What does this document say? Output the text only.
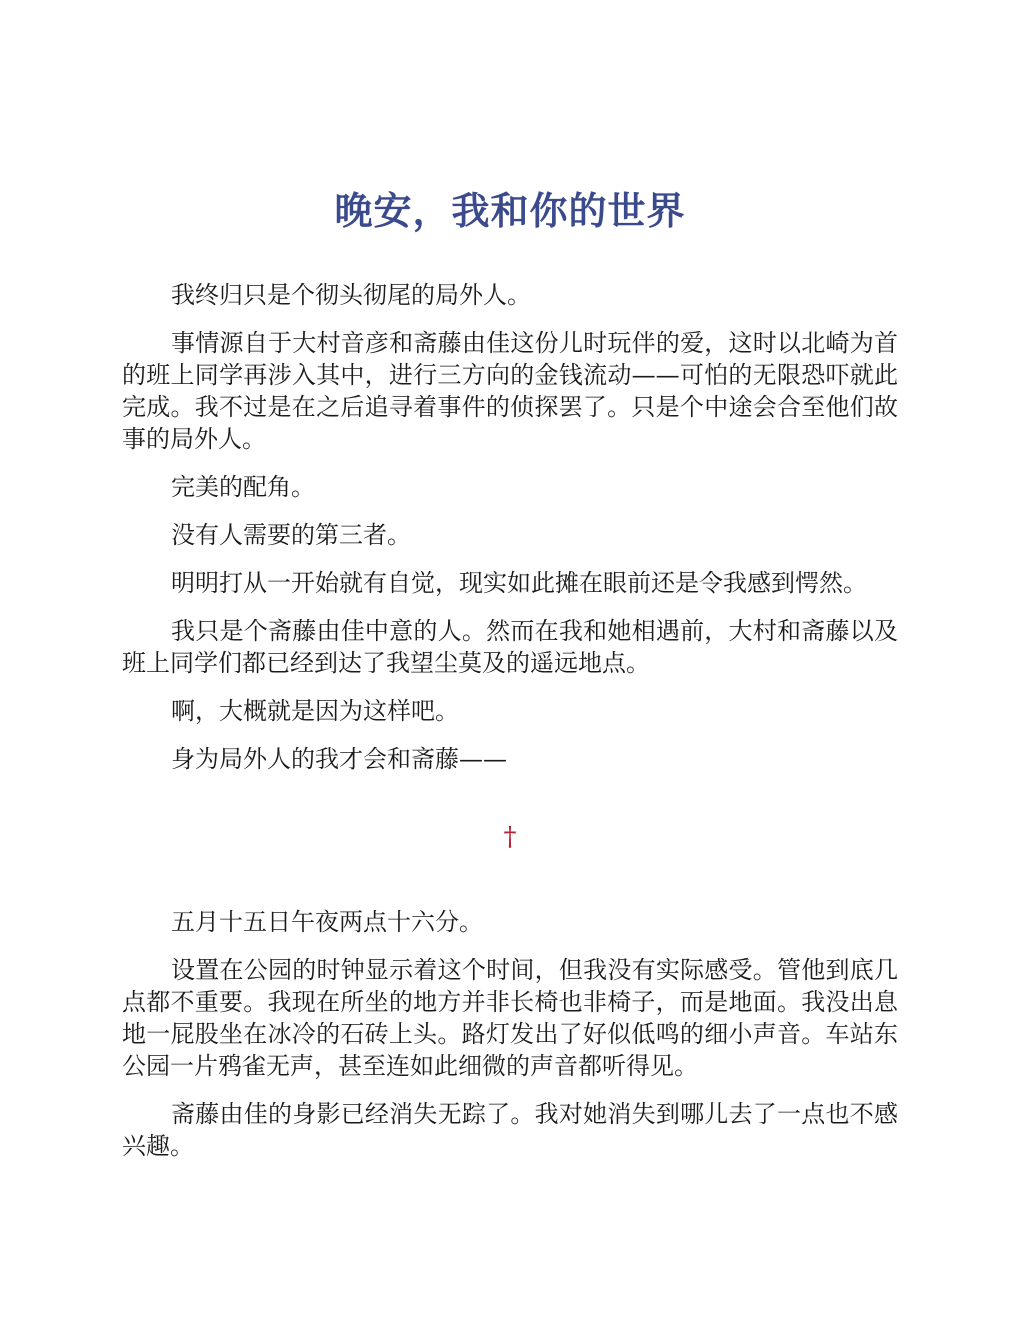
晚安，我和你的世界

我终归只是个彻头彻尾的局外人。

事情源自于大村音彦和斋藤由佳这份儿时玩伴的爱，这时以北崎为首的班上同学再涉入其中，进行三方向的金钱流动——可怕的无限恐吓就此完成。我不过是在之后追寻着事件的侦探罢了。只是个中途会合至他们故事的局外人。

完美的配角。

没有人需要的第三者。

明明打从一开始就有自觉，现实如此摊在眼前还是令我感到愕然。

我只是个斋藤由佳中意的人。然而在我和她相遇前，大村和斋藤以及班上同学们都已经到达了我望尘莫及的遥远地点。

啊，大概就是因为这样吧。

身为局外人的我才会和斋藤——

†

五月十五日午夜两点十六分。

设置在公园的时钟显示着这个时间，但我没有实际感受。管他到底几点都不重要。我现在所坐的地方并非长椅也非椅子，而是地面。我没出息地一屁股坐在冰冷的石砖上头。路灯发出了好似低鸣的细小声音。车站东公园一片鸦雀无声，甚至连如此细微的声音都听得见。

斋藤由佳的身影已经消失无踪了。我对她消失到哪儿去了一点也不感兴趣。
